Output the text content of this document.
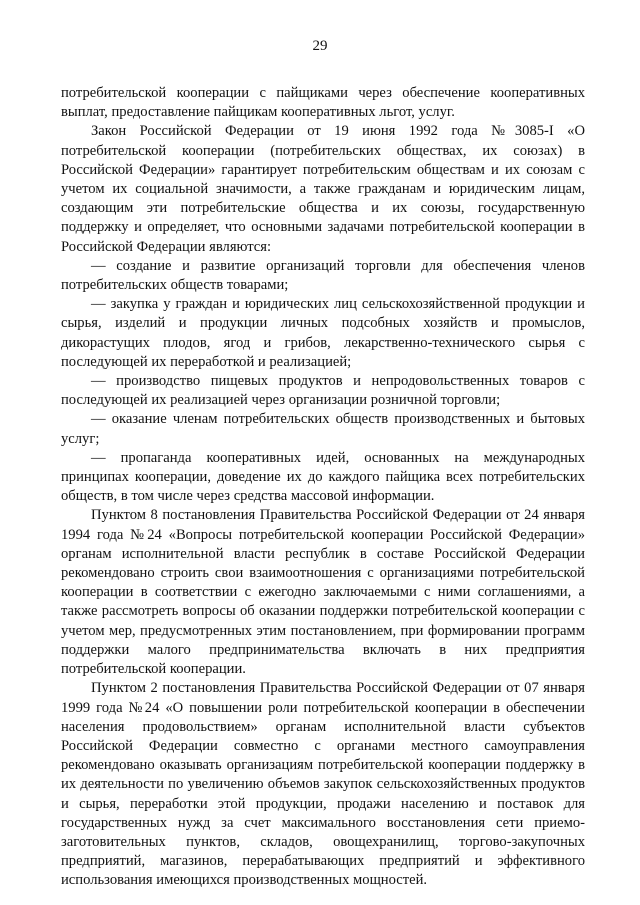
29

потребительской кооперации с пайщиками через обеспечение кооперативных выплат, предоставление пайщикам кооперативных льгот, услуг.

Закон Российской Федерации от 19 июня 1992 года №3085-I «О потребительской кооперации (потребительских обществах, их союзах) в Российской Федерации» гарантирует потребительским обществам и их союзам с учетом их социальной значимости, а также гражданам и юридическим лицам, создающим эти потребительские общества и их союзы, государственную поддержку и определяет, что основными задачами потребительской кооперации в Российской Федерации являются:

— создание и развитие организаций торговли для обеспечения членов потребительских обществ товарами;

— закупка у граждан и юридических лиц сельскохозяйственной продукции и сырья, изделий и продукции личных подсобных хозяйств и промыслов, дикорастущих плодов, ягод и грибов, лекарственно-технического сырья с последующей их переработкой и реализацией;

— производство пищевых продуктов и непродовольственных товаров с последующей их реализацией через организации розничной торговли;

— оказание членам потребительских обществ производственных и бытовых услуг;

— пропаганда кооперативных идей, основанных на международных принципах кооперации, доведение их до каждого пайщика всех потребительских обществ, в том числе через средства массовой информации.

Пунктом 8 постановления Правительства Российской Федерации от 24 января 1994 года №24 «Вопросы потребительской кооперации Российской Федерации» органам исполнительной власти республик в составе Российской Федерации рекомендовано строить свои взаимоотношения с организациями потребительской кооперации в соответствии с ежегодно заключаемыми с ними соглашениями, а также рассмотреть вопросы об оказании поддержки потребительской кооперации с учетом мер, предусмотренных этим постановлением, при формировании программ поддержки малого предпринимательства включать в них предприятия потребительской кооперации.

Пунктом 2 постановления Правительства Российской Федерации от 07 января 1999 года №24 «О повышении роли потребительской кооперации в обеспечении населения продовольствием» органам исполнительной власти субъектов Российской Федерации совместно с органами местного самоуправления рекомендовано оказывать организациям потребительской кооперации поддержку в их деятельности по увеличению объемов закупок сельскохозяйственных продуктов и сырья, переработки этой продукции, продажи населению и поставок для государственных нужд за счет максимального восстановления сети приемо-заготовительных пунктов, складов, овощехранилищ, торгово-закупочных предприятий, магазинов, перерабатывающих предприятий и эффективного использования имеющихся производственных мощностей.
